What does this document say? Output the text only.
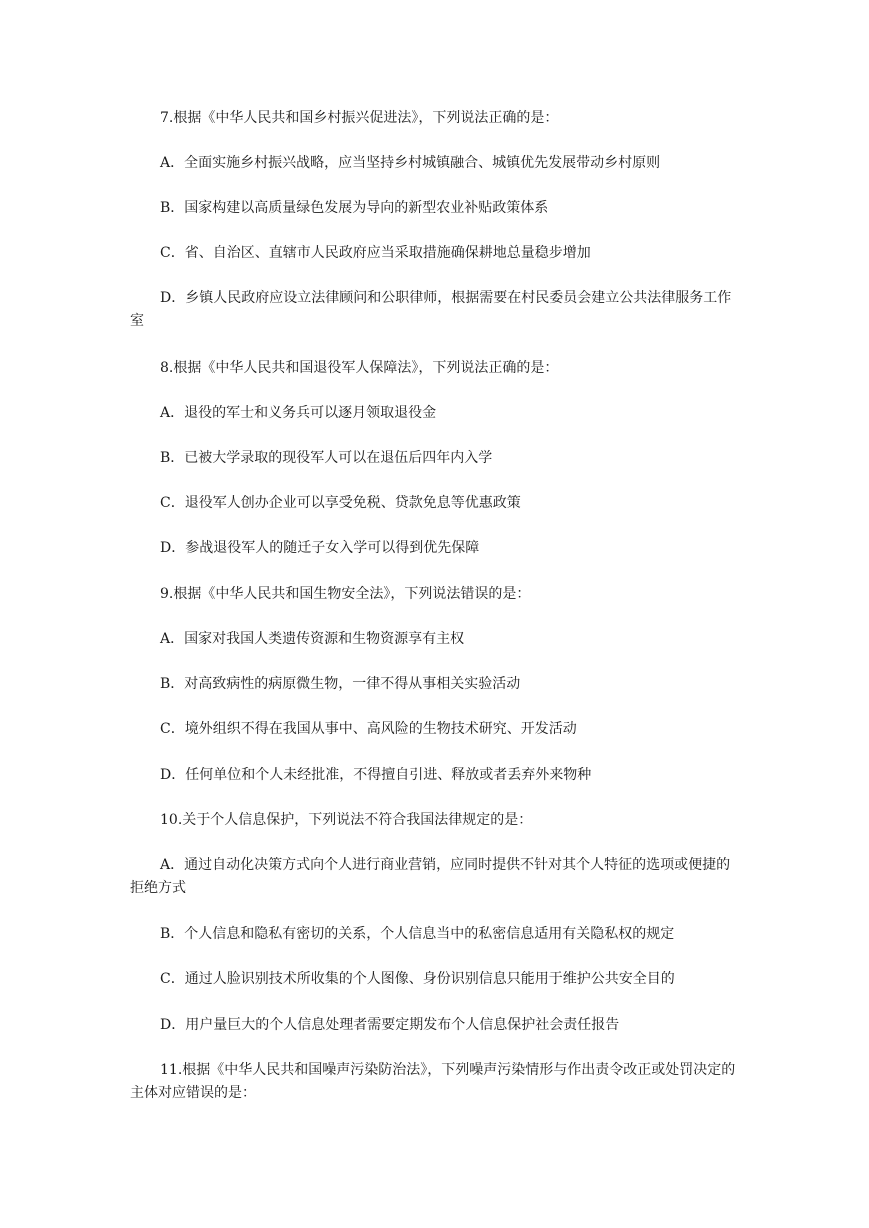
7.根据《中华人民共和国乡村振兴促进法》，下列说法正确的是：

A．全面实施乡村振兴战略，应当坚持乡村城镇融合、城镇优先发展带动乡村原则

B．国家构建以高质量绿色发展为导向的新型农业补贴政策体系

C．省、自治区、直辖市人民政府应当采取措施确保耕地总量稳步增加

D．乡镇人民政府应设立法律顾问和公职律师，根据需要在村民委员会建立公共法律服务工作室

8.根据《中华人民共和国退役军人保障法》，下列说法正确的是：

A．退役的军士和义务兵可以逐月领取退役金

B．已被大学录取的现役军人可以在退伍后四年内入学

C．退役军人创办企业可以享受免税、贷款免息等优惠政策

D．参战退役军人的随迁子女入学可以得到优先保障

9.根据《中华人民共和国生物安全法》，下列说法错误的是：

A．国家对我国人类遗传资源和生物资源享有主权

B．对高致病性的病原微生物，一律不得从事相关实验活动

C．境外组织不得在我国从事中、高风险的生物技术研究、开发活动

D．任何单位和个人未经批准，不得擅自引进、释放或者丢弃外来物种

10.关于个人信息保护，下列说法不符合我国法律规定的是：

A．通过自动化决策方式向个人进行商业营销，应同时提供不针对其个人特征的选项或便捷的拒绝方式

B．个人信息和隐私有密切的关系，个人信息当中的私密信息适用有关隐私权的规定

C．通过人脸识别技术所收集的个人图像、身份识别信息只能用于维护公共安全目的

D．用户量巨大的个人信息处理者需要定期发布个人信息保护社会责任报告

11.根据《中华人民共和国噪声污染防治法》，下列噪声污染情形与作出责令改正或处罚决定的主体对应错误的是：
